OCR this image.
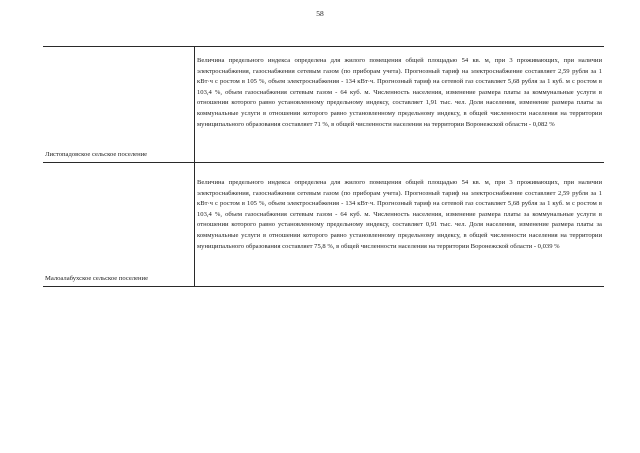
58
Листопадовское сельское поселение
Величина предельного индекса определена для жилого помещения общей площадью 54 кв. м, при 3 проживающих, при наличии электроснабжения, газоснабжения сетевым газом (по приборам учета). Прогнозный тариф на электроснабжение составляет 2,59 рубля за 1 кВт·ч с ростом в 105 %, объем электроснабжения - 134 кВт·ч. Прогнозный тариф на сетевой газ составляет 5,68 рубля за 1 куб. м с ростом в 103,4 %, объем газоснабжения сетевым газом - 64 куб. м. Численность населения, изменение размера платы за коммунальные услуги в отношении которого равно установленному предельному индексу, составляет 1,91 тыс. чел. Доля населения, изменение размера платы за коммунальные услуги в отношении которого равно установленному предельному индексу, в общей численности населения на территории муниципального образования составляет 71 %, в общей численности населения на территории Воронежской области - 0,082 %
Малоалабухское сельское поселение
Величина предельного индекса определена для жилого помещения общей площадью 54 кв. м, при 3 проживающих, при наличии электроснабжения, газоснабжения сетевым газом (по приборам учета). Прогнозный тариф на электроснабжение составляет 2,59 рубля за 1 кВт·ч с ростом в 105 %, объем электроснабжения - 134 кВт·ч. Прогнозный тариф на сетевой газ составляет 5,68 рубля за 1 куб. м с ростом в 103,4 %, объем газоснабжения сетевым газом - 64 куб. м. Численность населения, изменение размера платы за коммунальные услуги в отношении которого равно установленному предельному индексу, составляет 0,91 тыс. чел. Доля населения, изменение размера платы за коммунальные услуги в отношении которого равно установленному предельному индексу, в общей численности населения на территории муниципального образования составляет 75,8 %, в общей численности населения на территории Воронежской области - 0,039 %
